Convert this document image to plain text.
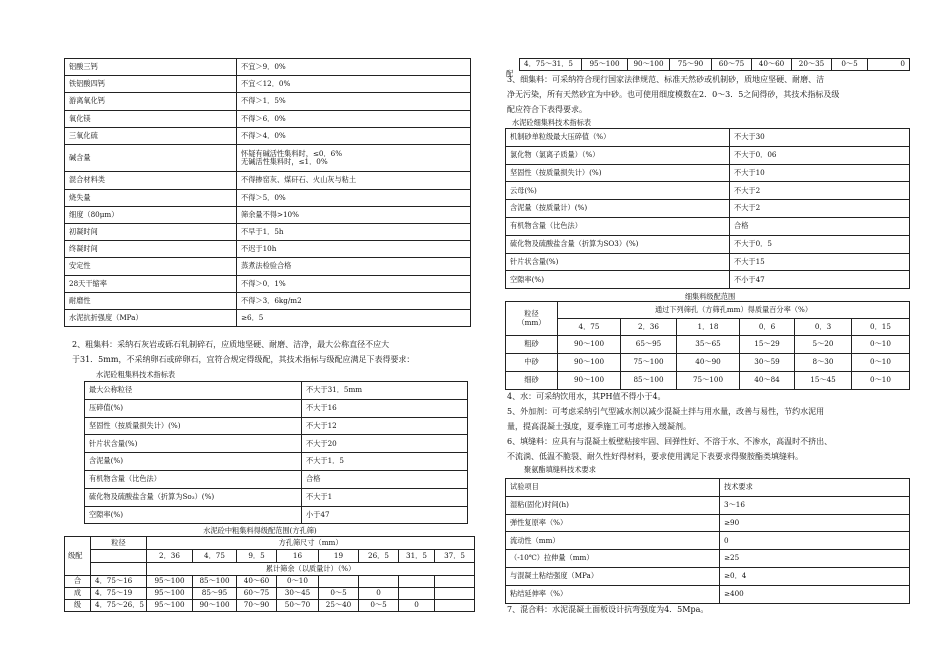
铝酸三钙	不宜＞9．0%
铁铝酸四钙	不宜＜12．0%
游离氧化钙	不得＞1．5%
氧化镁	不得＞6．0%
三氧化硫	不得＞4．0%
碱含量	怀疑有碱活性集料时，≤0．6%
无碱活性集料时，≤1．0%
混合材料类	不得掺窑灰、煤矸石、火山灰与粘土
烧失量	不得＞5．0%
细度（80μm）	筛余量不得>10%
初凝时间	不早于1．5h
终凝时间	不迟于10h
安定性	蒸煮法检验合格
28天干缩率	不得＞0．1%
耐磨性	不得＞3．6kg/m2
水泥抗折强度（MPa）	≥6．5
2、粗集料：采纳石灰岩或砾石轧制碎石，应质地坚硬、耐磨、洁净，最大公称直径不应大
于31．5mm，不采纳卵石或碎卵石，宜符合规定得级配，其技术指标与级配应满足下表得要求：
水泥砼粗集料技术指标表
最大公称粒径	不大于31．5mm
压碎值(%)	不大于16
坚固性（按质量损失计）(%)	不大于12
针片状含量(%)	不大于20
含泥量(%)	不大于1．5
有机物含量（比色法）	合格
硫化物及硫酸盐含量（折算为So₃）(%)	不大于1
空隙率(%)	小于47
水泥砼中粗集料得级配范围(方孔筛)
级配	粒径	方孔筛尺寸（mm）							
		2．36	4．75	9．5	16	19	26．5	31．5	37．5
		累计筛余（以质量计）（%）							
合	4．75～16	95～100	85～100	40～60	0～10				
成	4．75～19	95～100	85～95	60～75	30～45	0～5	0		
级	4．75～26．5	95～100	90～100	70～90	50～70	25～40	0～5	0	
4．75～31．5	95～100	90～100	75～90	60～75	40～60	20～35	0～5	0
配
3、细集料：可采纳符合现行国家法律规范、标准天然砂或机制砂，质地应坚硬、耐磨、洁
净无污染，所有天然砂宜为中砂。也可使用细度模数在2．0～3．5之间得砂，其技术指标及级
配应符合下表得要求。
水泥砼细集料技术指标表
机制砂单粒级最大压碎值（%）	不大于30
氯化物（氯离子质量）（%）	不大于0．06
坚固性（按质量损失计）(%)	不大于10
云母(%)	不大于2
含泥量（按质量计）(%)	不大于2
有机物含量（比色法）	合格
硫化物及硫酸盐含量（折算为SO3）(%)	不大于0．5
针片状含量(%)	不大于15
空隙率(%)	不小于47
细集料级配范围
粒径
（mm）	通过下列筛孔（方筛孔mm）得质量百分率（%）					
	4．75	2．36	1．18	0．6	0．3	0．15
粗砂	90～100	65～95	35～65	15～29	5～20	0～10
中砂	90～100	75～100	40～90	30～59	8～30	0～10
细砂	90～100	85～100	75～100	40～84	15～45	0～10
4、水：可采纳饮用水，其PH值不得小于4。
5、外加剂：可考虑采纳引气型减水剂以减少混凝土拌与用水量，改善与易性，节约水泥用
量，提高混凝土强度，夏季施工可考虑掺入缓凝剂。
6、填缝料：应具有与混凝土板壁粘接牢固、回弹性好、不溶于水、不渗水，高温时不挤出、
不流淌、低温不脆裂、耐久性好得材料，要求使用满足下表要求得聚胺酯类填缝料。
聚氨酯填缝料技术要求
试验项目	技术要求
湿粘(固化)时间(h)	3～16
弹性复原率（%）	≥90
流动性（mm）	0
（-10℃）拉伸量（mm）	≥25
与混凝土粘结强度（MPa）	≥0．4
粘结延伸率（%）	≥400
7、混合料：水泥混凝土面板设计抗弯强度为4．5Mpa。
